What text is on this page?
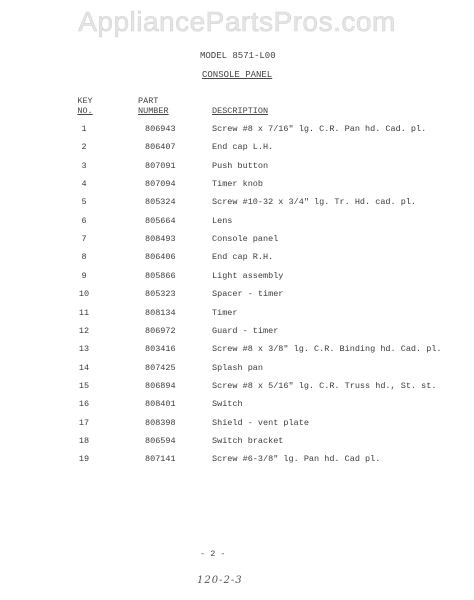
AppliancePartsPros.com
MODEL 8571-L00
CONSOLE PANEL
KEY
NO.
PART
NUMBER	DESCRIPTION
1	806943	Screw #8 x 7/16" lg. C.R. Pan hd. Cad. pl.
2	806407	End cap L.H.
3	807091	Push button
4	807094	Timer knob
5	805324	Screw #10-32 x 3/4" lg. Tr. Hd. cad. pl.
6	805664	Lens
7	808493	Console panel
8	806406	End cap R.H.
9	805866	Light assembly
10	805323	Spacer - timer
11	808134	Timer
12	806972	Guard - timer
13	803416	Screw #8 x 3/8" lg. C.R. Binding hd. Cad. pl.
14	807425	Splash pan
15	806894	Screw #8 x 5/16" lg. C.R. Truss hd., St. st.
16	808401	Switch
17	808398	Shield - vent plate
18	806594	Switch bracket
19	807141	Screw #6-3/8" lg. Pan hd. Cad pl.
- 2 -
120-2-3
